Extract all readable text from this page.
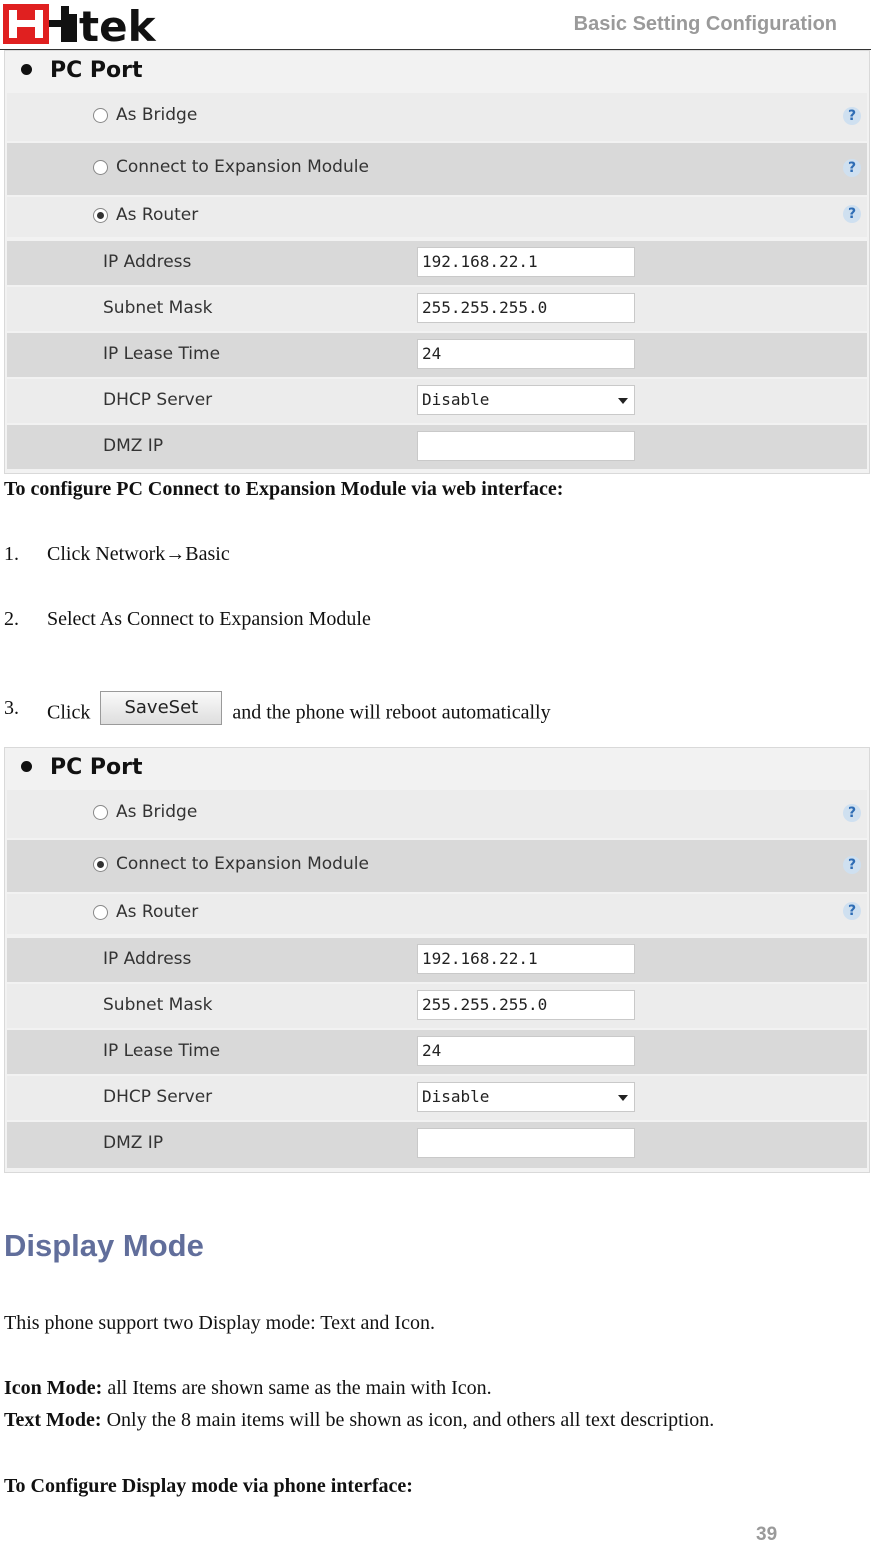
tek	Basic Setting Configuration
PC Port
As Bridge	?
Connect to Expansion Module	?
As Router	?
IP Address	192.168.22.1
Subnet Mask	255.255.255.0
IP Lease Time	24
DHCP Server	Disable
DMZ IP
To configure PC Connect to Expansion Module via web interface:
1. Click Network→Basic
2. Select As Connect to Expansion Module
3. Click SaveSet and the phone will reboot automatically
PC Port
As Bridge	?
Connect to Expansion Module	?
As Router	?
IP Address	192.168.22.1
Subnet Mask	255.255.255.0
IP Lease Time	24
DHCP Server	Disable
DMZ IP
Display Mode
This phone support two Display mode: Text and Icon.
Icon Mode: all Items are shown same as the main with Icon.
Text Mode: Only the 8 main items will be shown as icon, and others all text description.
To Configure Display mode via phone interface:
39
